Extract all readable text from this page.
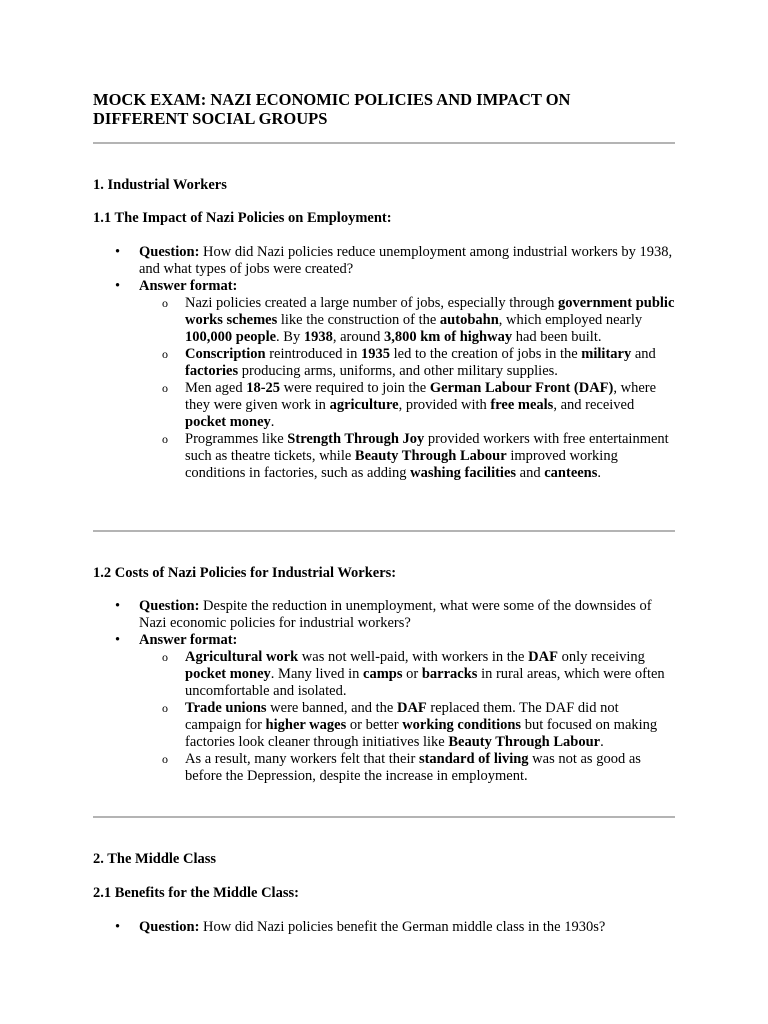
MOCK EXAM: NAZI ECONOMIC POLICIES AND IMPACT ON
DIFFERENT SOCIAL GROUPS
1. Industrial Workers
1.1 The Impact of Nazi Policies on Employment:
• Question: How did Nazi policies reduce unemployment among industrial workers by 1938, and what types of jobs were created?
• Answer format:
o Nazi policies created a large number of jobs, especially through government public works schemes like the construction of the autobahn, which employed nearly 100,000 people. By 1938, around 3,800 km of highway had been built.
o Conscription reintroduced in 1935 led to the creation of jobs in the military and factories producing arms, uniforms, and other military supplies.
o Men aged 18-25 were required to join the German Labour Front (DAF), where they were given work in agriculture, provided with free meals, and received pocket money.
o Programmes like Strength Through Joy provided workers with free entertainment such as theatre tickets, while Beauty Through Labour improved working conditions in factories, such as adding washing facilities and canteens.
1.2 Costs of Nazi Policies for Industrial Workers:
• Question: Despite the reduction in unemployment, what were some of the downsides of Nazi economic policies for industrial workers?
• Answer format:
o Agricultural work was not well-paid, with workers in the DAF only receiving pocket money. Many lived in camps or barracks in rural areas, which were often uncomfortable and isolated.
o Trade unions were banned, and the DAF replaced them. The DAF did not campaign for higher wages or better working conditions but focused on making factories look cleaner through initiatives like Beauty Through Labour.
o As a result, many workers felt that their standard of living was not as good as before the Depression, despite the increase in employment.
2. The Middle Class
2.1 Benefits for the Middle Class:
• Question: How did Nazi policies benefit the German middle class in the 1930s?
